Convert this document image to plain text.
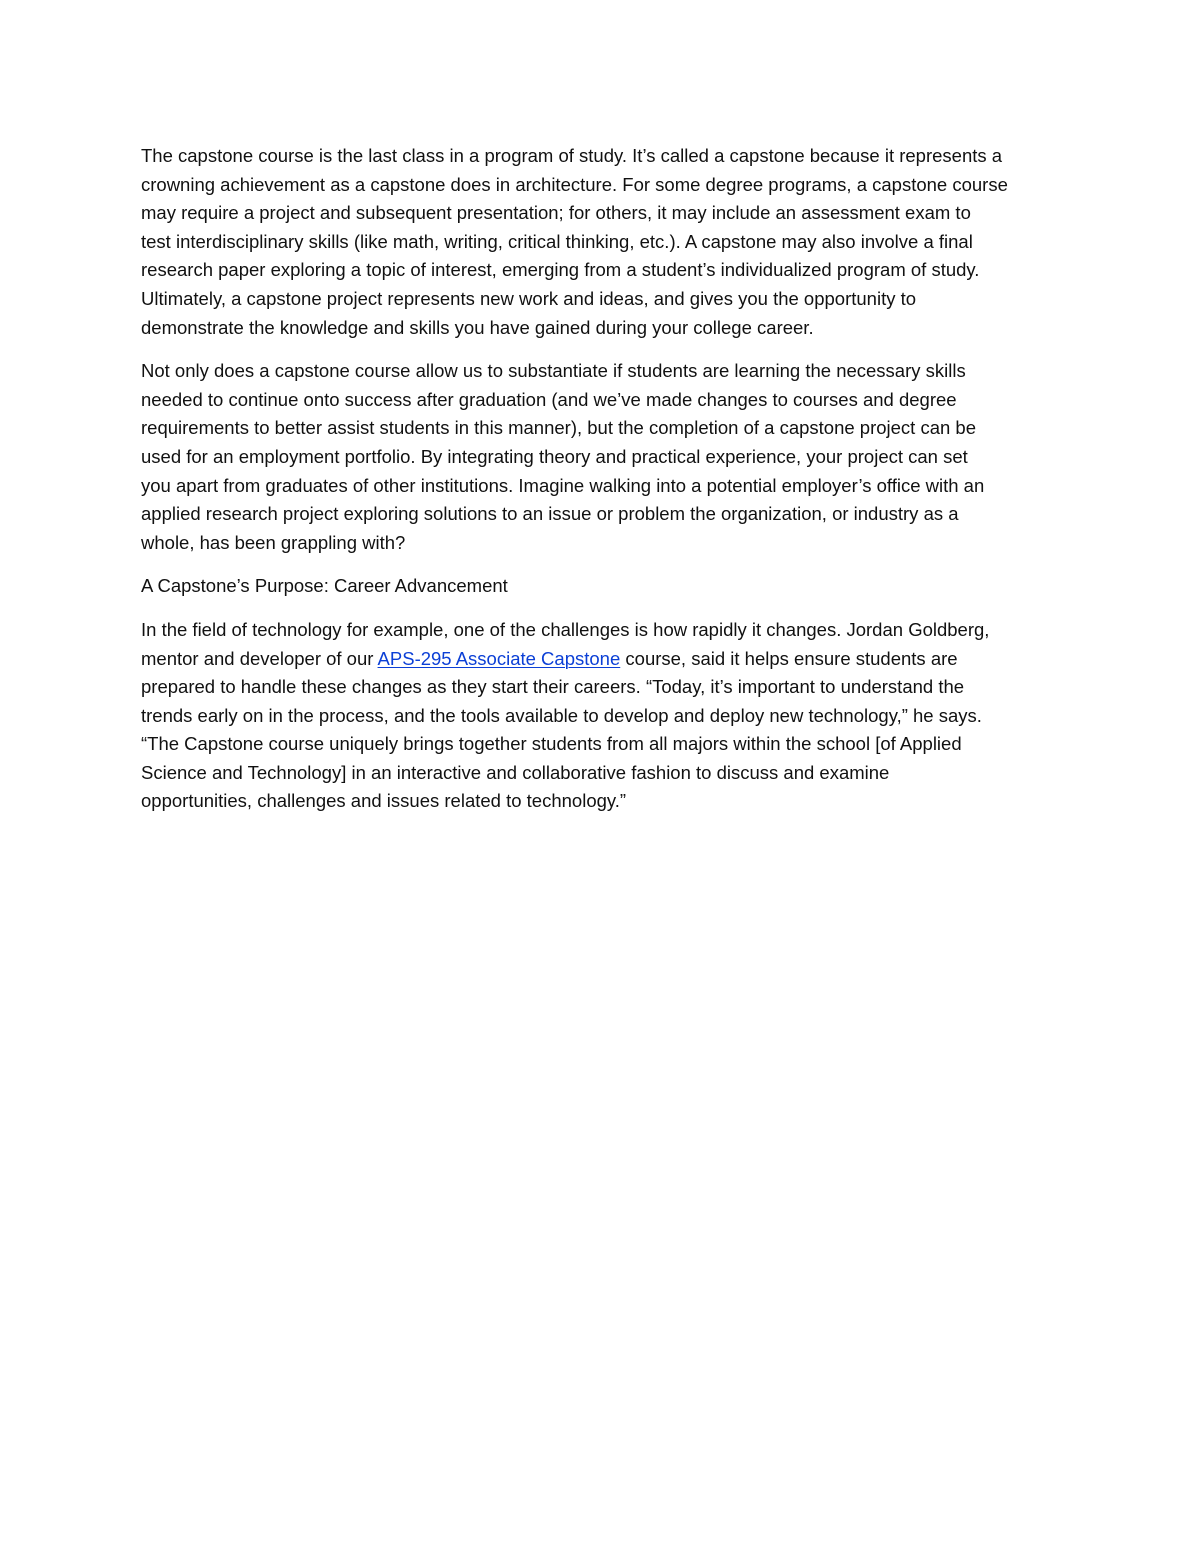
The capstone course is the last class in a program of study. It’s called a capstone because it represents a
crowning achievement as a capstone does in architecture. For some degree programs, a capstone course
may require a project and subsequent presentation; for others, it may include an assessment exam to
test interdisciplinary skills (like math, writing, critical thinking, etc.). A capstone may also involve a final
research paper exploring a topic of interest, emerging from a student’s individualized program of study.
Ultimately, a capstone project represents new work and ideas, and gives you the opportunity to
demonstrate the knowledge and skills you have gained during your college career.

Not only does a capstone course allow us to substantiate if students are learning the necessary skills
needed to continue onto success after graduation (and we’ve made changes to courses and degree
requirements to better assist students in this manner), but the completion of a capstone project can be
used for an employment portfolio. By integrating theory and practical experience, your project can set
you apart from graduates of other institutions. Imagine walking into a potential employer’s office with an
applied research project exploring solutions to an issue or problem the organization, or industry as a
whole, has been grappling with?

A Capstone’s Purpose: Career Advancement

In the field of technology for example, one of the challenges is how rapidly it changes. Jordan Goldberg,
mentor and developer of our APS-295 Associate Capstone course, said it helps ensure students are
prepared to handle these changes as they start their careers. “Today, it’s important to understand the
trends early on in the process, and the tools available to develop and deploy new technology,” he says.
“The Capstone course uniquely brings together students from all majors within the school [of Applied
Science and Technology] in an interactive and collaborative fashion to discuss and examine
opportunities, challenges and issues related to technology.”
